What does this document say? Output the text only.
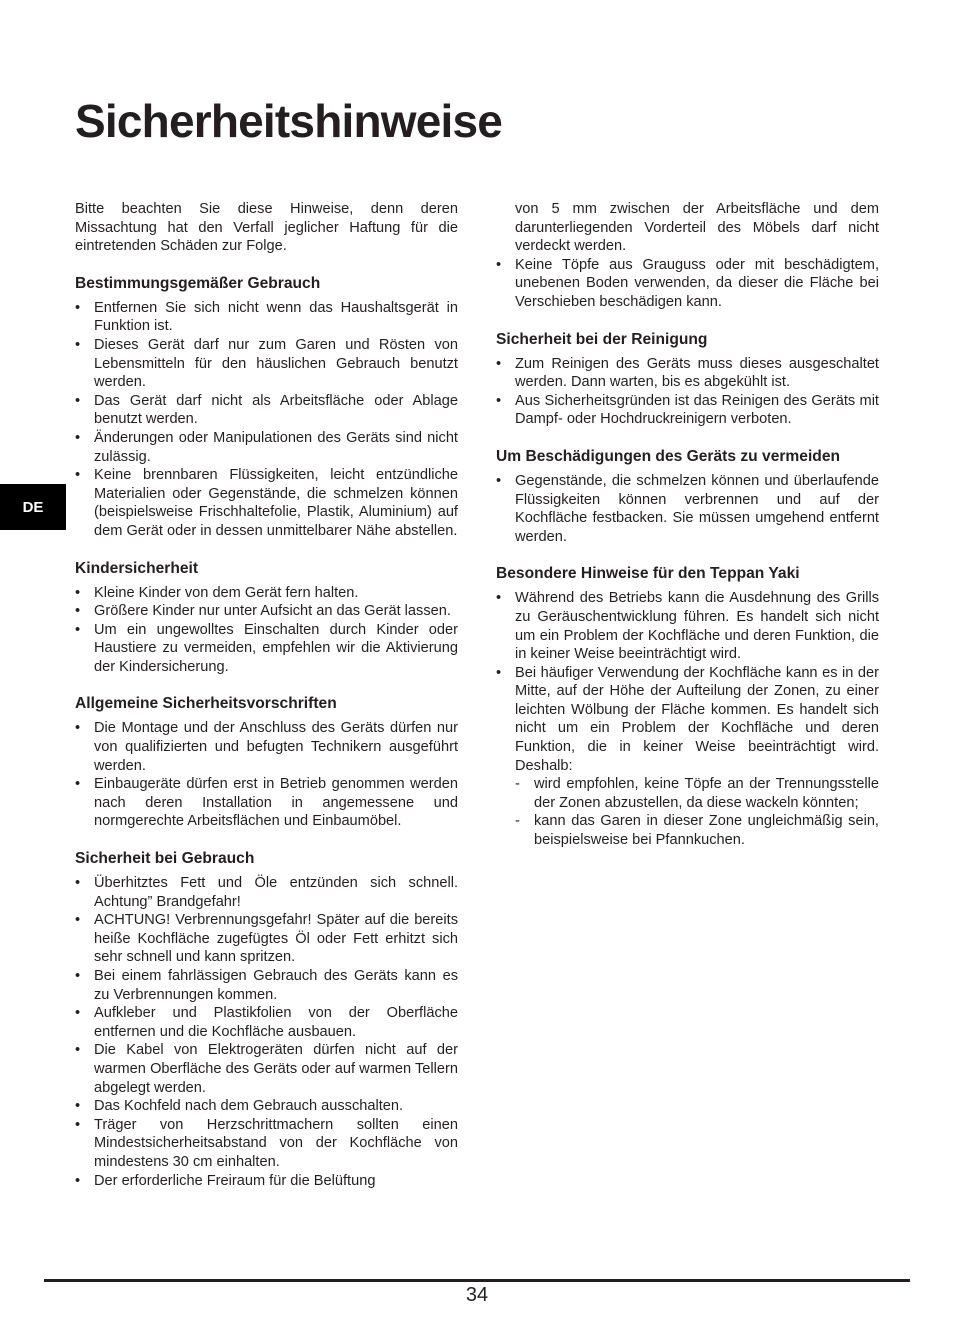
Sicherheitshinweise
DE

Bitte beachten Sie diese Hinweise, denn deren Missachtung hat den Verfall jeglicher Haftung für die eintretenden Schäden zur Folge.

Bestimmungsgemäßer Gebrauch
• Entfernen Sie sich nicht wenn das Haushaltsgerät in Funktion ist.
• Dieses Gerät darf nur zum Garen und Rösten von Lebensmitteln für den häuslichen Gebrauch benutzt werden.
• Das Gerät darf nicht als Arbeitsfläche oder Ablage benutzt werden.
• Änderungen oder Manipulationen des Geräts sind nicht zulässig.
• Keine brennbaren Flüssigkeiten, leicht entzündliche Materialien oder Gegenstände, die schmelzen können (beispielsweise Frischhaltefolie, Plastik, Aluminium) auf dem Gerät oder in dessen unmittelbarer Nähe abstellen.
Kindersicherheit
• Kleine Kinder von dem Gerät fern halten.
• Größere Kinder nur unter Aufsicht an das Gerät lassen.
• Um ein ungewolltes Einschalten durch Kinder oder Haustiere zu vermeiden, empfehlen wir die Aktivierung der Kindersicherung.
Allgemeine Sicherheitsvorschriften
• Die Montage und der Anschluss des Geräts dürfen nur von qualifizierten und befugten Technikern ausgeführt werden.
• Einbaugeräte dürfen erst in Betrieb genommen werden nach deren Installation in angemessene und normgerechte Arbeitsflächen und Einbaumöbel.
Sicherheit bei Gebrauch
• Überhitztes Fett und Öle entzünden sich schnell. Achtung” Brandgefahr!
• ACHTUNG! Verbrennungsgefahr! Später auf die bereits heiße Kochfläche zugefügtes Öl oder Fett erhitzt sich sehr schnell und kann spritzen.
• Bei einem fahrlässigen Gebrauch des Geräts kann es zu Verbrennungen kommen.
• Aufkleber und Plastikfolien von der Oberfläche entfernen und die Kochfläche ausbauen.
• Die Kabel von Elektrogeräten dürfen nicht auf der warmen Oberfläche des Geräts oder auf warmen Tellern abgelegt werden.
• Das Kochfeld nach dem Gebrauch ausschalten.
• Träger von Herzschrittmachern sollten einen Mindestsicherheitsabstand von der Kochfläche von mindestens 30 cm einhalten.
• Der erforderliche Freiraum für die Belüftung

von 5 mm zwischen der Arbeitsfläche und dem darunterliegenden Vorderteil des Möbels darf nicht verdeckt werden.

• Keine Töpfe aus Grauguss oder mit beschädigtem, unebenen Boden verwenden, da dieser die Fläche bei Verschieben beschädigen kann.
Sicherheit bei der Reinigung
• Zum Reinigen des Geräts muss dieses ausgeschaltet werden. Dann warten, bis es abgekühlt ist.
• Aus Sicherheitsgründen ist das Reinigen des Geräts mit Dampf- oder Hochdruckreinigern verboten.
Um Beschädigungen des Geräts zu vermeiden
• Gegenstände, die schmelzen können und überlaufende Flüssigkeiten können verbrennen und auf der Kochfläche festbacken. Sie müssen umgehend entfernt werden.
Besondere Hinweise für den Teppan Yaki
• Während des Betriebs kann die Ausdehnung des Grills zu Geräuschentwicklung führen. Es handelt sich nicht um ein Problem der Kochfläche und deren Funktion, die in keiner Weise beeinträchtigt wird.
• Bei häufiger Verwendung der Kochfläche kann es in der Mitte, auf der Höhe der Aufteilung der Zonen, zu einer leichten Wölbung der Fläche kommen. Es handelt sich nicht um ein Problem der Kochfläche und deren Funktion, die in keiner Weise beeinträchtigt wird. Deshalb:
- wird empfohlen, keine Töpfe an der Trennungsstelle der Zonen abzustellen, da diese wackeln könnten;
- kann das Garen in dieser Zone ungleichmäßig sein, beispielsweise bei Pfannkuchen.
34
